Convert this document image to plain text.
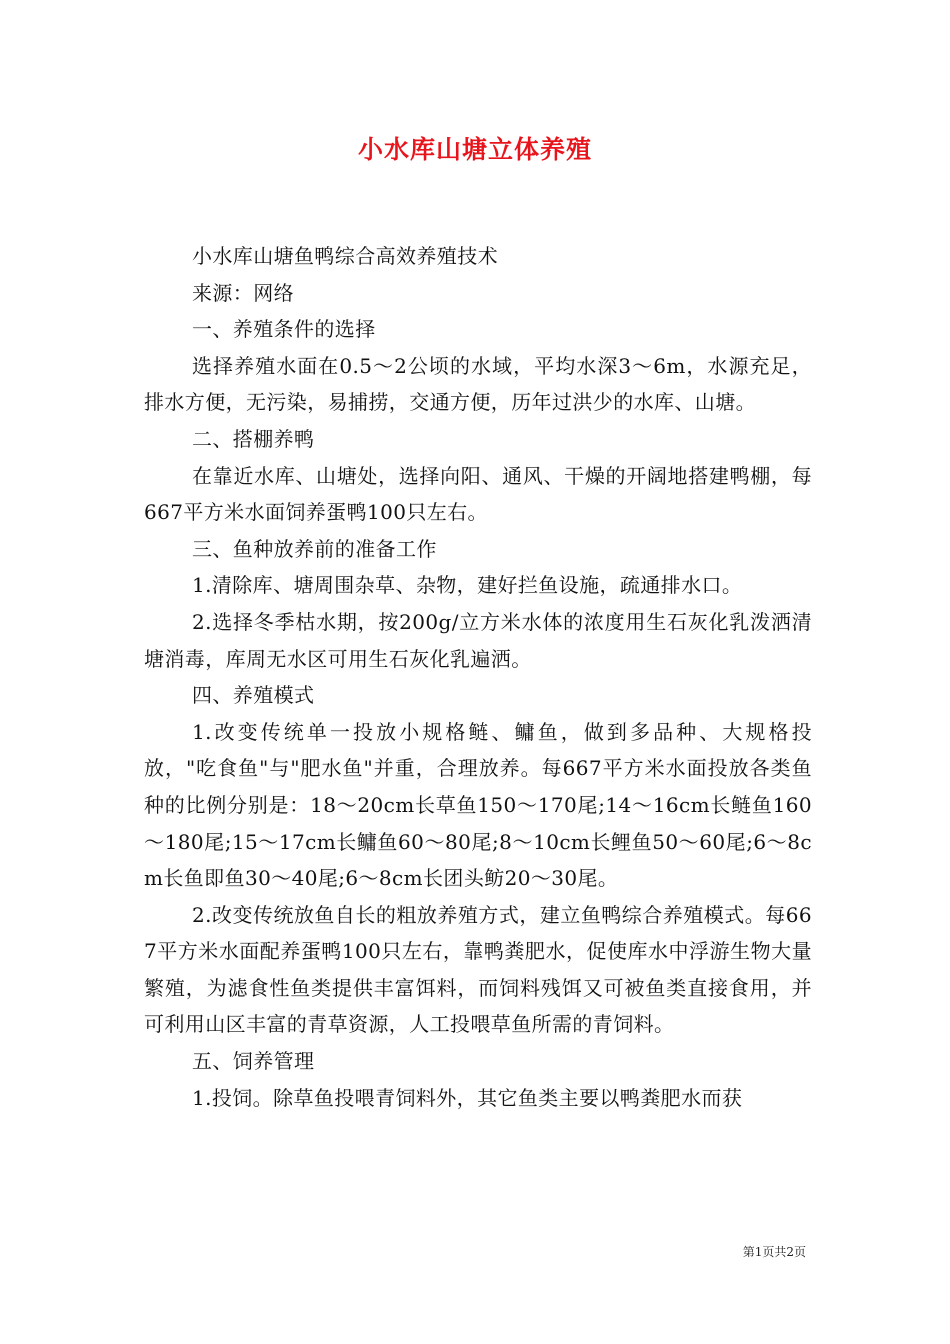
小水库山塘立体养殖

小水库山塘鱼鸭综合高效养殖技术

来源：网络

一、养殖条件的选择

选择养殖水面在0.5～2公顷的水域，平均水深3～6m，水源充足，排水方便，无污染，易捕捞，交通方便，历年过洪少的水库、山塘。

二、搭棚养鸭

在靠近水库、山塘处，选择向阳、通风、干燥的开阔地搭建鸭棚，每667平方米水面饲养蛋鸭100只左右。

三、鱼种放养前的准备工作

1.清除库、塘周围杂草、杂物，建好拦鱼设施，疏通排水口。

2.选择冬季枯水期，按200g/立方米水体的浓度用生石灰化乳泼洒清塘消毒，库周无水区可用生石灰化乳遍洒。

四、养殖模式

1.改变传统单一投放小规格鲢、鳙鱼，做到多品种、大规格投放，"吃食鱼"与"肥水鱼"并重，合理放养。每667平方米水面投放各类鱼种的比例分别是：18～20cm长草鱼150～170尾;14～16cm长鲢鱼160～180尾;15～17cm长鳙鱼60～80尾;8～10cm长鲤鱼50～60尾;6～8cm长鱼即鱼30～40尾;6～8cm长团头鲂20～30尾。

2.改变传统放鱼自长的粗放养殖方式，建立鱼鸭综合养殖模式。每667平方米水面配养蛋鸭100只左右，靠鸭粪肥水，促使库水中浮游生物大量繁殖，为滤食性鱼类提供丰富饵料，而饲料残饵又可被鱼类直接食用，并可利用山区丰富的青草资源，人工投喂草鱼所需的青饲料。

五、饲养管理

1.投饲。除草鱼投喂青饲料外，其它鱼类主要以鸭粪肥水而获

第1页共2页
